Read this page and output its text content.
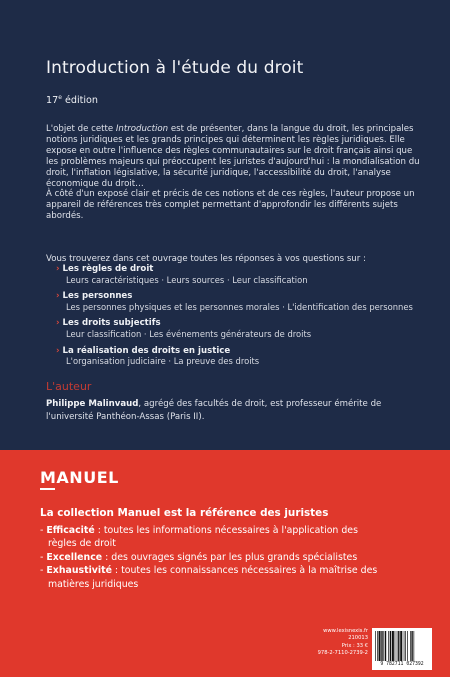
Introduction à l'étude du droit
17e édition

L'objet de cette Introduction est de présenter, dans la langue du droit, les principales notions juridiques et les grands principes qui déterminent les règles juridiques. Elle expose en outre l'influence des règles communautaires sur le droit français ainsi que les problèmes majeurs qui préoccupent les juristes d'aujourd'hui : la mondialisation du droit, l'inflation législative, la sécurité juridique, l'accessibilité du droit, l'analyse économique du droit…

À côté d'un exposé clair et précis de ces notions et de ces règles, l'auteur propose un appareil de références très complet permettant d'approfondir les différents sujets abordés.

Vous trouverez dans cet ouvrage toutes les réponses à vos questions sur :
› Les règles de droit
Leurs caractéristiques · Leurs sources · Leur classification
› Les personnes
Les personnes physiques et les personnes morales · L'identification des personnes
› Les droits subjectifs
Leur classification · Les événements générateurs de droits
› La réalisation des droits en justice
L'organisation judiciaire · La preuve des droits
L'auteur
Philippe Malinvaud, agrégé des facultés de droit, est professeur émérite de l'université Panthéon-Assas (Paris II).
MANUEL
La collection Manuel est la référence des juristes
- Efficacité : toutes les informations nécessaires à l'application des règles de droit
- Excellence : des ouvrages signés par les plus grands spécialistes
- Exhaustivité : toutes les connaissances nécessaires à la maîtrise des matières juridiques
www.lexisnexis.fr
210013
Prix : 33 €
978-2-7110-2739-2
9 782711 027392
